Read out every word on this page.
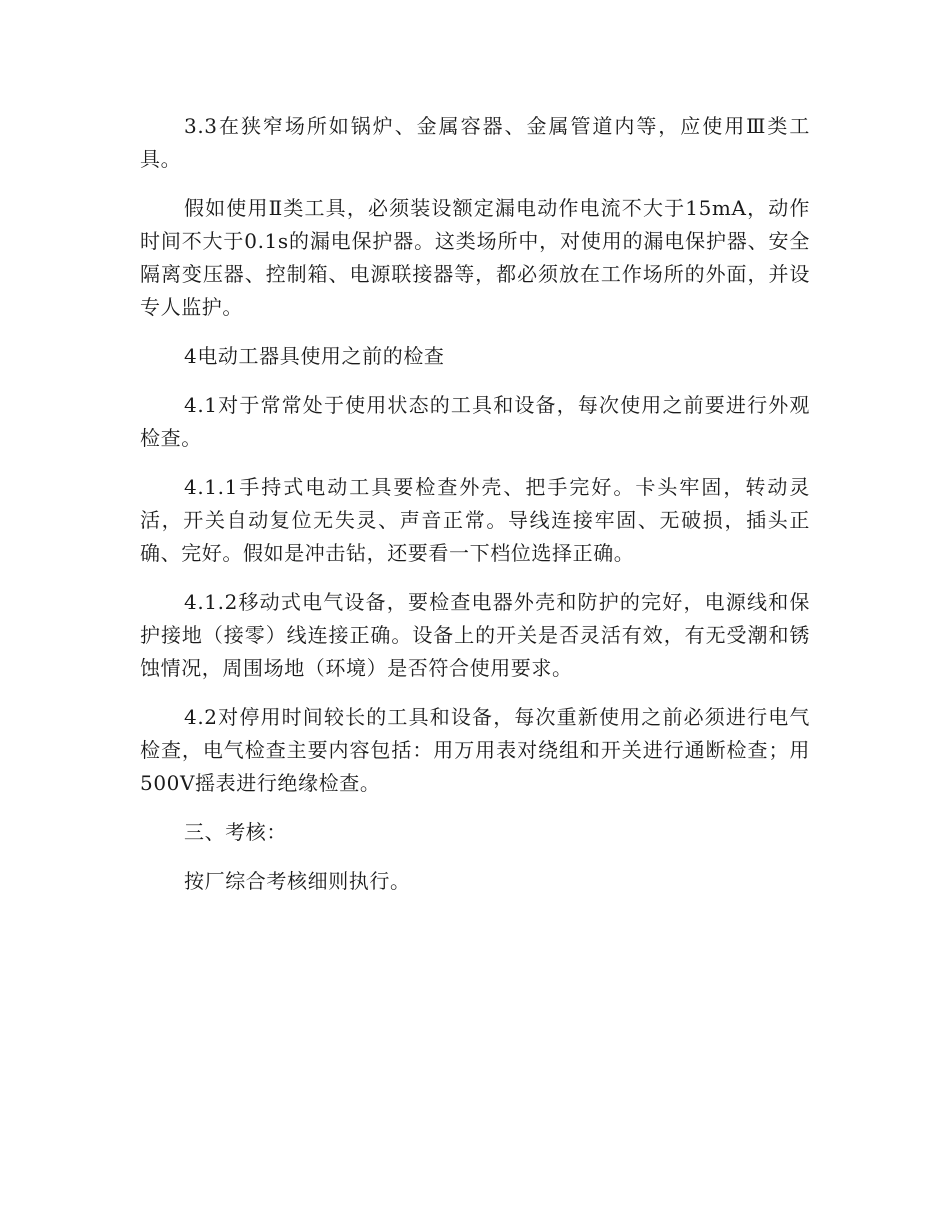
3.3在狭窄场所如锅炉、金属容器、金属管道内等，应使用Ⅲ类工具。

假如使用Ⅱ类工具，必须装设额定漏电动作电流不大于15mA，动作时间不大于0.1s的漏电保护器。这类场所中，对使用的漏电保护器、安全隔离变压器、控制箱、电源联接器等，都必须放在工作场所的外面，并设专人监护。

4电动工器具使用之前的检查

4.1对于常常处于使用状态的工具和设备，每次使用之前要进行外观检查。

4.1.1手持式电动工具要检查外壳、把手完好。卡头牢固，转动灵活，开关自动复位无失灵、声音正常。导线连接牢固、无破损，插头正确、完好。假如是冲击钻，还要看一下档位选择正确。

4.1.2移动式电气设备，要检查电器外壳和防护的完好，电源线和保护接地（接零）线连接正确。设备上的开关是否灵活有效，有无受潮和锈蚀情况，周围场地（环境）是否符合使用要求。

4.2对停用时间较长的工具和设备，每次重新使用之前必须进行电气检查，电气检查主要内容包括：用万用表对绕组和开关进行通断检查；用500V摇表进行绝缘检查。

三、考核：

按厂综合考核细则执行。
